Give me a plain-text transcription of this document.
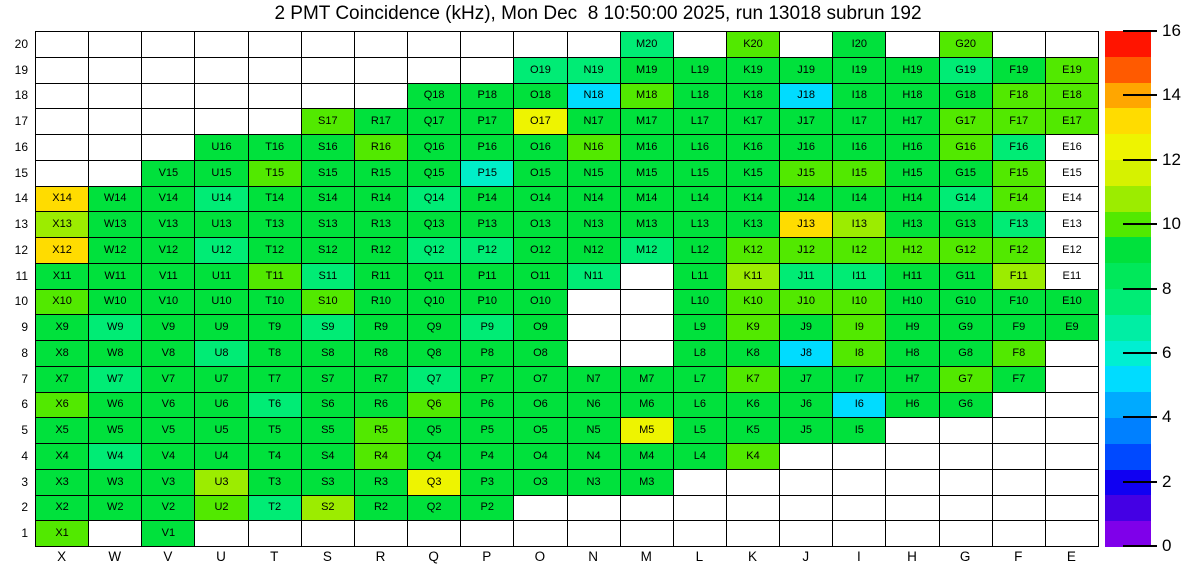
2 PMT Coincidence (kHz), Mon Dec  8 10:50:00 2025, run 13018 subrun 192
20
19
18
17
16
15
14
13
12
11
10
9
8
7
6
5
4
3
2
1
M20	K20	I20	G20
O19	N19	M19	L19	K19	J19	I19	H19	G19	F19	E19
Q18	P18	O18	N18	M18	L18	K18	J18	I18	H18	G18	F18	E18
S17	R17	Q17	P17	O17	N17	M17	L17	K17	J17	I17	H17	G17	F17	E17
U16	T16	S16	R16	Q16	P16	O16	N16	M16	L16	K16	J16	I16	H16	G16	F16	E16
V15	U15	T15	S15	R15	Q15	P15	O15	N15	M15	L15	K15	J15	I15	H15	G15	F15	E15
X14	W14	V14	U14	T14	S14	R14	Q14	P14	O14	N14	M14	L14	K14	J14	I14	H14	G14	F14	E14
X13	W13	V13	U13	T13	S13	R13	Q13	P13	O13	N13	M13	L13	K13	J13	I13	H13	G13	F13	E13
X12	W12	V12	U12	T12	S12	R12	Q12	P12	O12	N12	M12	L12	K12	J12	I12	H12	G12	F12	E12
X11	W11	V11	U11	T11	S11	R11	Q11	P11	O11	N11	L11	K11	J11	I11	H11	G11	F11	E11
X10	W10	V10	U10	T10	S10	R10	Q10	P10	O10	L10	K10	J10	I10	H10	G10	F10	E10
X9	W9	V9	U9	T9	S9	R9	Q9	P9	O9	L9	K9	J9	I9	H9	G9	F9	E9
X8	W8	V8	U8	T8	S8	R8	Q8	P8	O8	L8	K8	J8	I8	H8	G8	F8
X7	W7	V7	U7	T7	S7	R7	Q7	P7	O7	N7	M7	L7	K7	J7	I7	H7	G7	F7
X6	W6	V6	U6	T6	S6	R6	Q6	P6	O6	N6	M6	L6	K6	J6	I6	H6	G6
X5	W5	V5	U5	T5	S5	R5	Q5	P5	O5	N5	M5	L5	K5	J5	I5
X4	W4	V4	U4	T4	S4	R4	Q4	P4	O4	N4	M4	L4	K4
X3	W3	V3	U3	T3	S3	R3	Q3	P3	O3	N3	M3
X2	W2	V2	U2	T2	S2	R2	Q2	P2
X1	V1
X	W	V	U	T	S	R	Q	P	O	N	M	L	K	J	I	H	G	F	E
0
2
4
6
8
10
12
14
16
